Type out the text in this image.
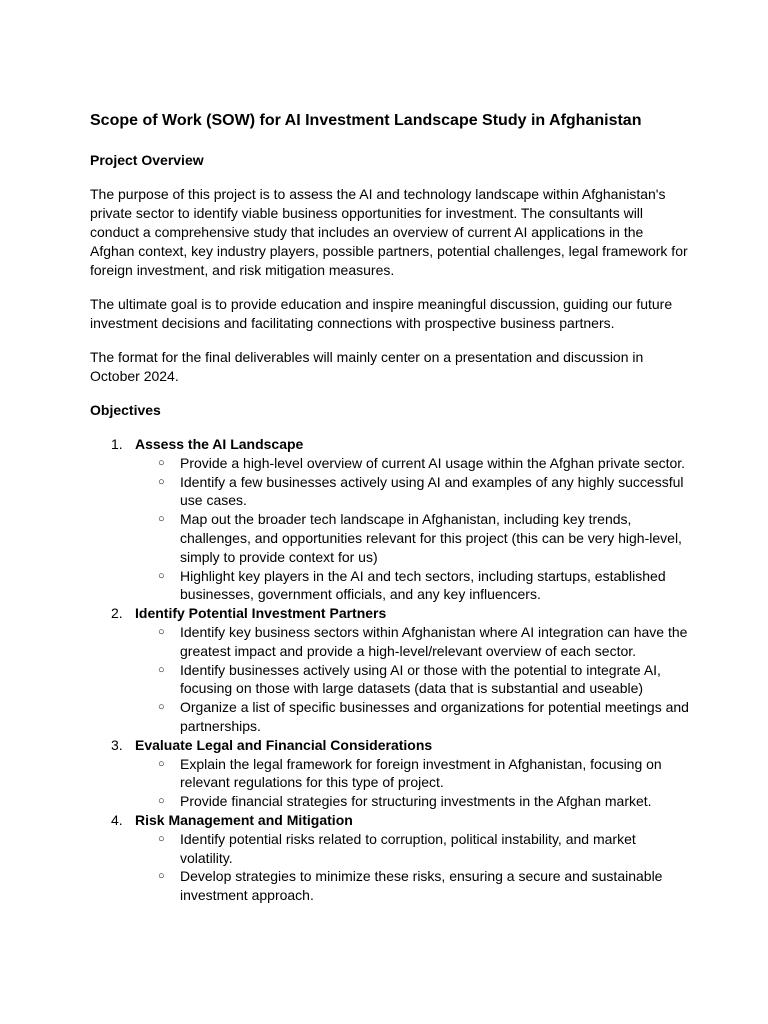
Scope of Work (SOW) for AI Investment Landscape Study in Afghanistan
Project Overview

The purpose of this project is to assess the AI and technology landscape within Afghanistan's private sector to identify viable business opportunities for investment. The consultants will conduct a comprehensive study that includes an overview of current AI applications in the Afghan context, key industry players, possible partners, potential challenges, legal framework for foreign investment, and risk mitigation measures.

The ultimate goal is to provide education and inspire meaningful discussion, guiding our future investment decisions and facilitating connections with prospective business partners.

The format for the final deliverables will mainly center on a presentation and discussion in October 2024.

Objectives
1. Assess the AI Landscape
○ Provide a high-level overview of current AI usage within the Afghan private sector.
○ Identify a few businesses actively using AI and examples of any highly successful use cases.
○ Map out the broader tech landscape in Afghanistan, including key trends, challenges, and opportunities relevant for this project (this can be very high-level, simply to provide context for us)
○ Highlight key players in the AI and tech sectors, including startups, established businesses, government officials, and any key influencers.
2. Identify Potential Investment Partners
○ Identify key business sectors within Afghanistan where AI integration can have the greatest impact and provide a high-level/relevant overview of each sector.
○ Identify businesses actively using AI or those with the potential to integrate AI, focusing on those with large datasets (data that is substantial and useable)
○ Organize a list of specific businesses and organizations for potential meetings and partnerships.
3. Evaluate Legal and Financial Considerations
○ Explain the legal framework for foreign investment in Afghanistan, focusing on relevant regulations for this type of project.
○ Provide financial strategies for structuring investments in the Afghan market.
4. Risk Management and Mitigation
○ Identify potential risks related to corruption, political instability, and market volatility.
○ Develop strategies to minimize these risks, ensuring a secure and sustainable investment approach.
